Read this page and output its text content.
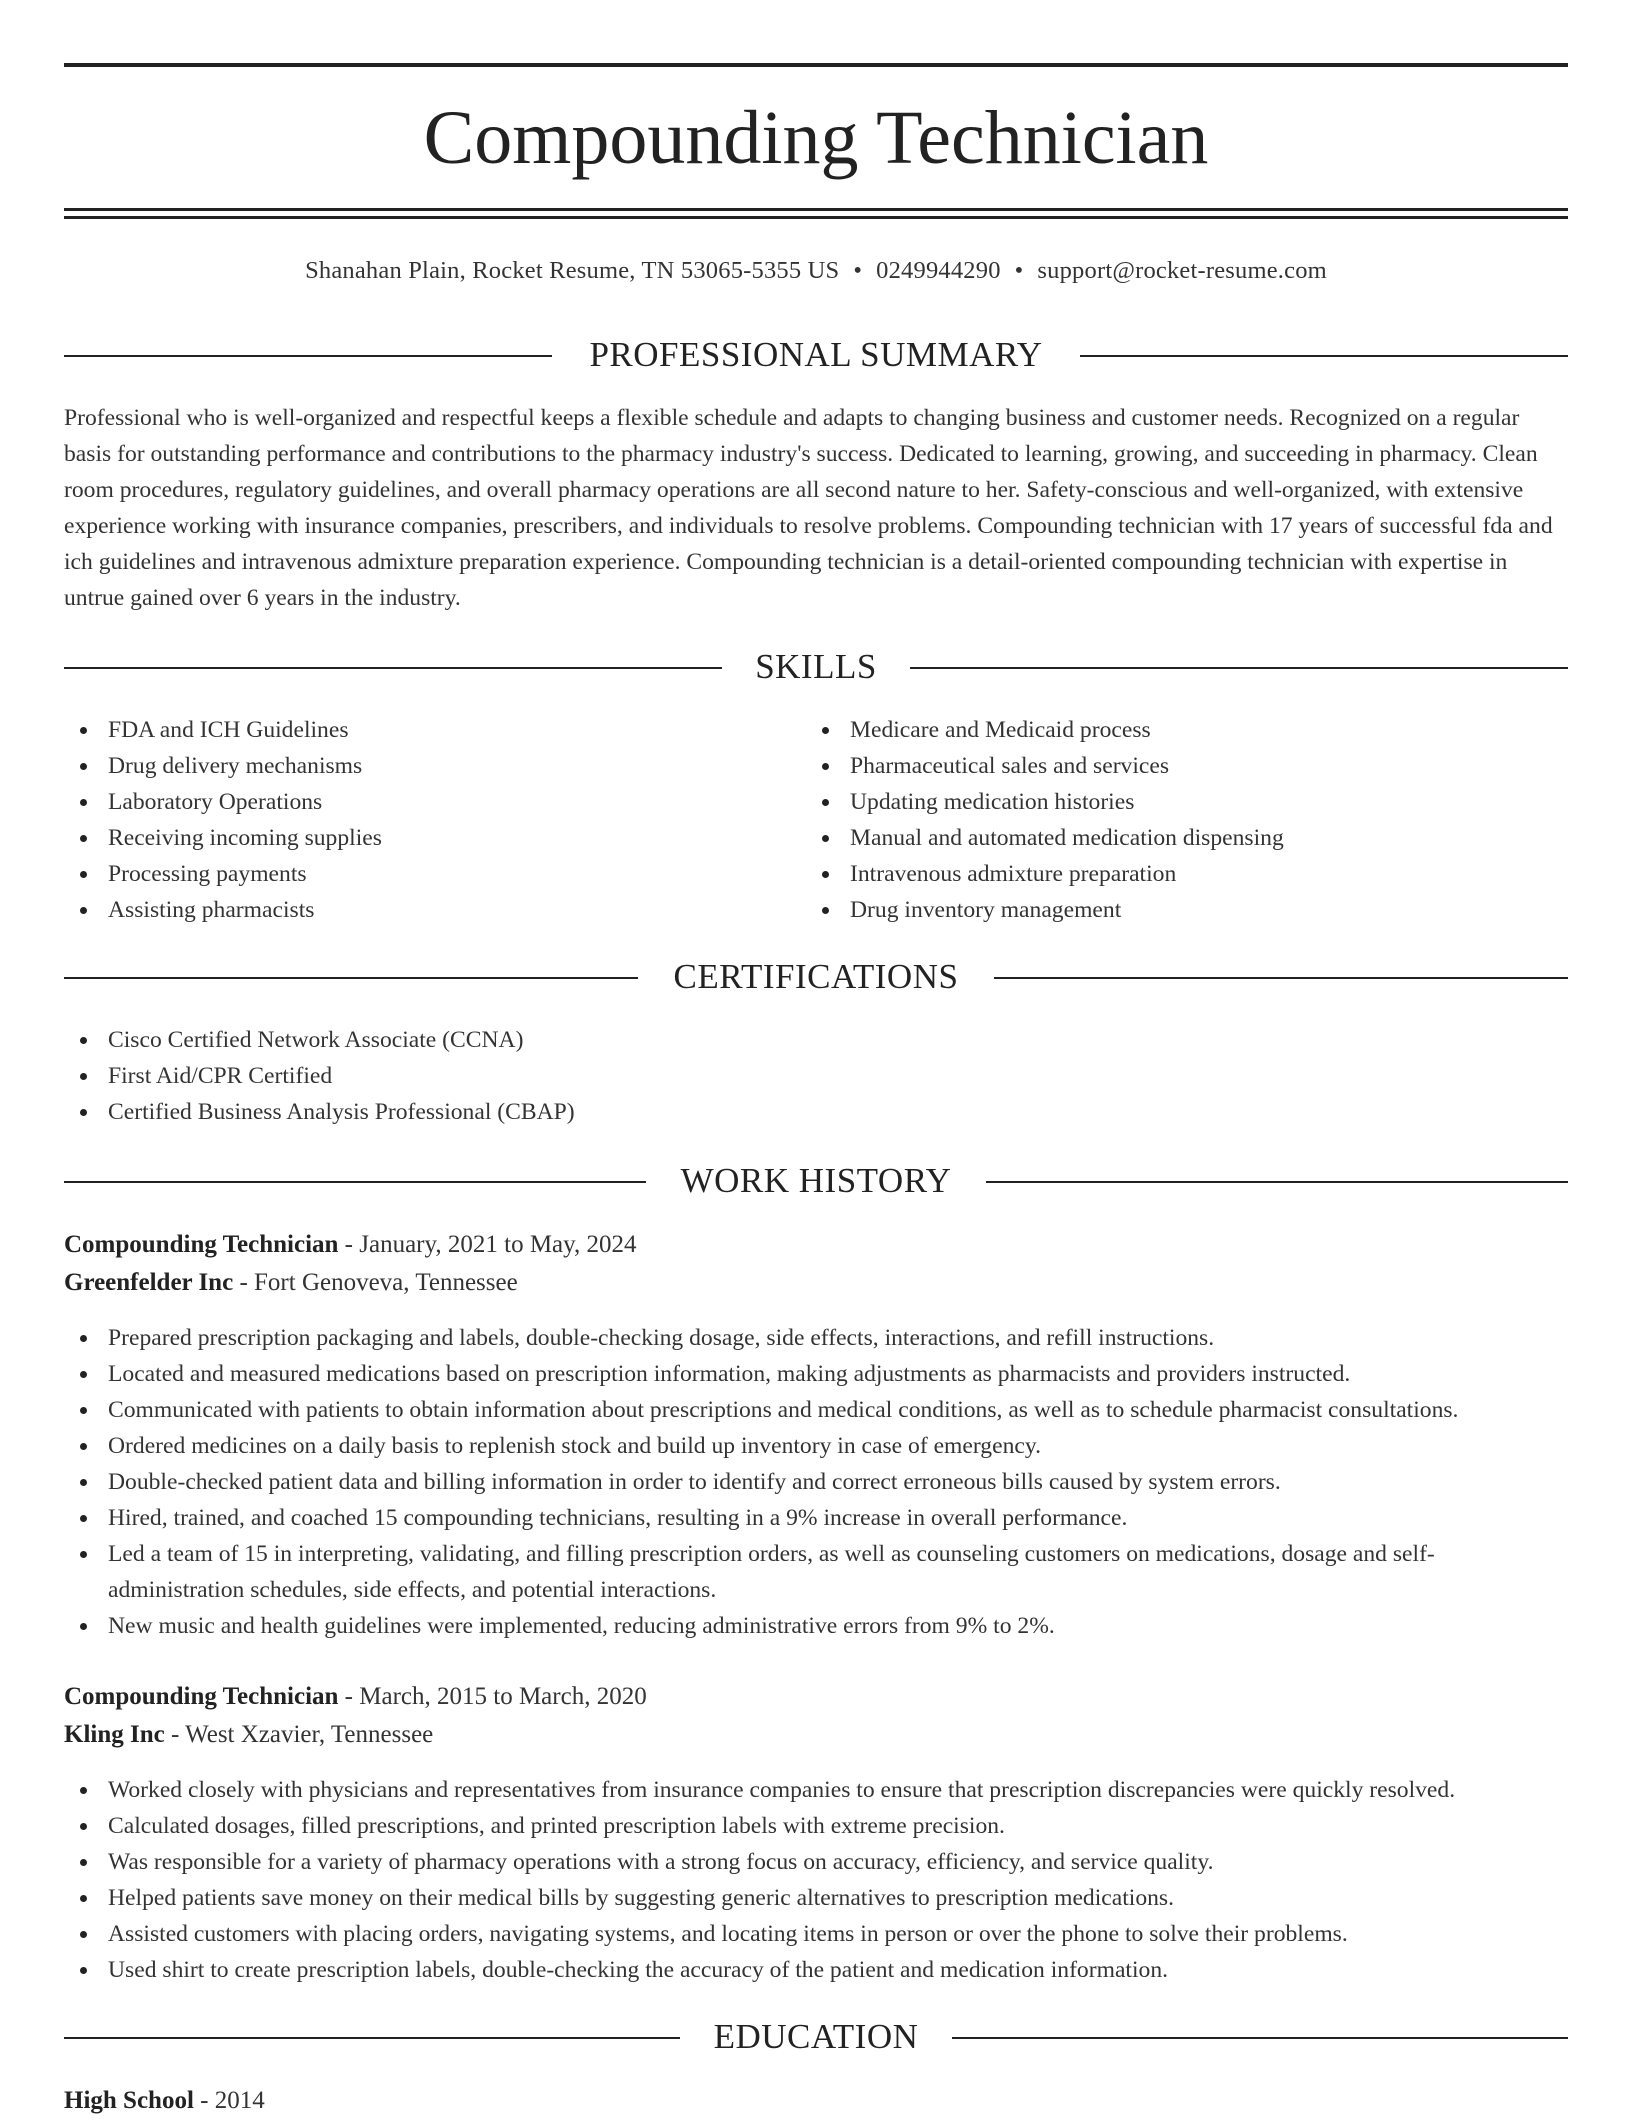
Compounding Technician
Shanahan Plain, Rocket Resume, TN 53065-5355 US • 0249944290 • support@rocket-resume.com
PROFESSIONAL SUMMARY

Professional who is well-organized and respectful keeps a flexible schedule and adapts to changing business and customer needs. Recognized on a regular basis for outstanding performance and contributions to the pharmacy industry's success. Dedicated to learning, growing, and succeeding in pharmacy. Clean room procedures, regulatory guidelines, and overall pharmacy operations are all second nature to her. Safety-conscious and well-organized, with extensive experience working with insurance companies, prescribers, and individuals to resolve problems. Compounding technician with 17 years of successful fda and ich guidelines and intravenous admixture preparation experience. Compounding technician is a detail-oriented compounding technician with expertise in untrue gained over 6 years in the industry.

SKILLS
FDA and ICH Guidelines
Drug delivery mechanisms
Laboratory Operations
Receiving incoming supplies
Processing payments
Assisting pharmacists
Medicare and Medicaid process
Pharmaceutical sales and services
Updating medication histories
Manual and automated medication dispensing
Intravenous admixture preparation
Drug inventory management
CERTIFICATIONS
Cisco Certified Network Associate (CCNA)
First Aid/CPR Certified
Certified Business Analysis Professional (CBAP)
WORK HISTORY
Compounding Technician - January, 2021 to May, 2024
Greenfelder Inc - Fort Genoveva, Tennessee
Prepared prescription packaging and labels, double-checking dosage, side effects, interactions, and refill instructions.
Located and measured medications based on prescription information, making adjustments as pharmacists and providers instructed.
Communicated with patients to obtain information about prescriptions and medical conditions, as well as to schedule pharmacist consultations.
Ordered medicines on a daily basis to replenish stock and build up inventory in case of emergency.
Double-checked patient data and billing information in order to identify and correct erroneous bills caused by system errors.
Hired, trained, and coached 15 compounding technicians, resulting in a 9% increase in overall performance.
Led a team of 15 in interpreting, validating, and filling prescription orders, as well as counseling customers on medications, dosage and self-administration schedules, side effects, and potential interactions.
New music and health guidelines were implemented, reducing administrative errors from 9% to 2%.
Compounding Technician - March, 2015 to March, 2020
Kling Inc - West Xzavier, Tennessee
Worked closely with physicians and representatives from insurance companies to ensure that prescription discrepancies were quickly resolved.
Calculated dosages, filled prescriptions, and printed prescription labels with extreme precision.
Was responsible for a variety of pharmacy operations with a strong focus on accuracy, efficiency, and service quality.
Helped patients save money on their medical bills by suggesting generic alternatives to prescription medications.
Assisted customers with placing orders, navigating systems, and locating items in person or over the phone to solve their problems.
Used shirt to create prescription labels, double-checking the accuracy of the patient and medication information.
EDUCATION
High School - 2014
